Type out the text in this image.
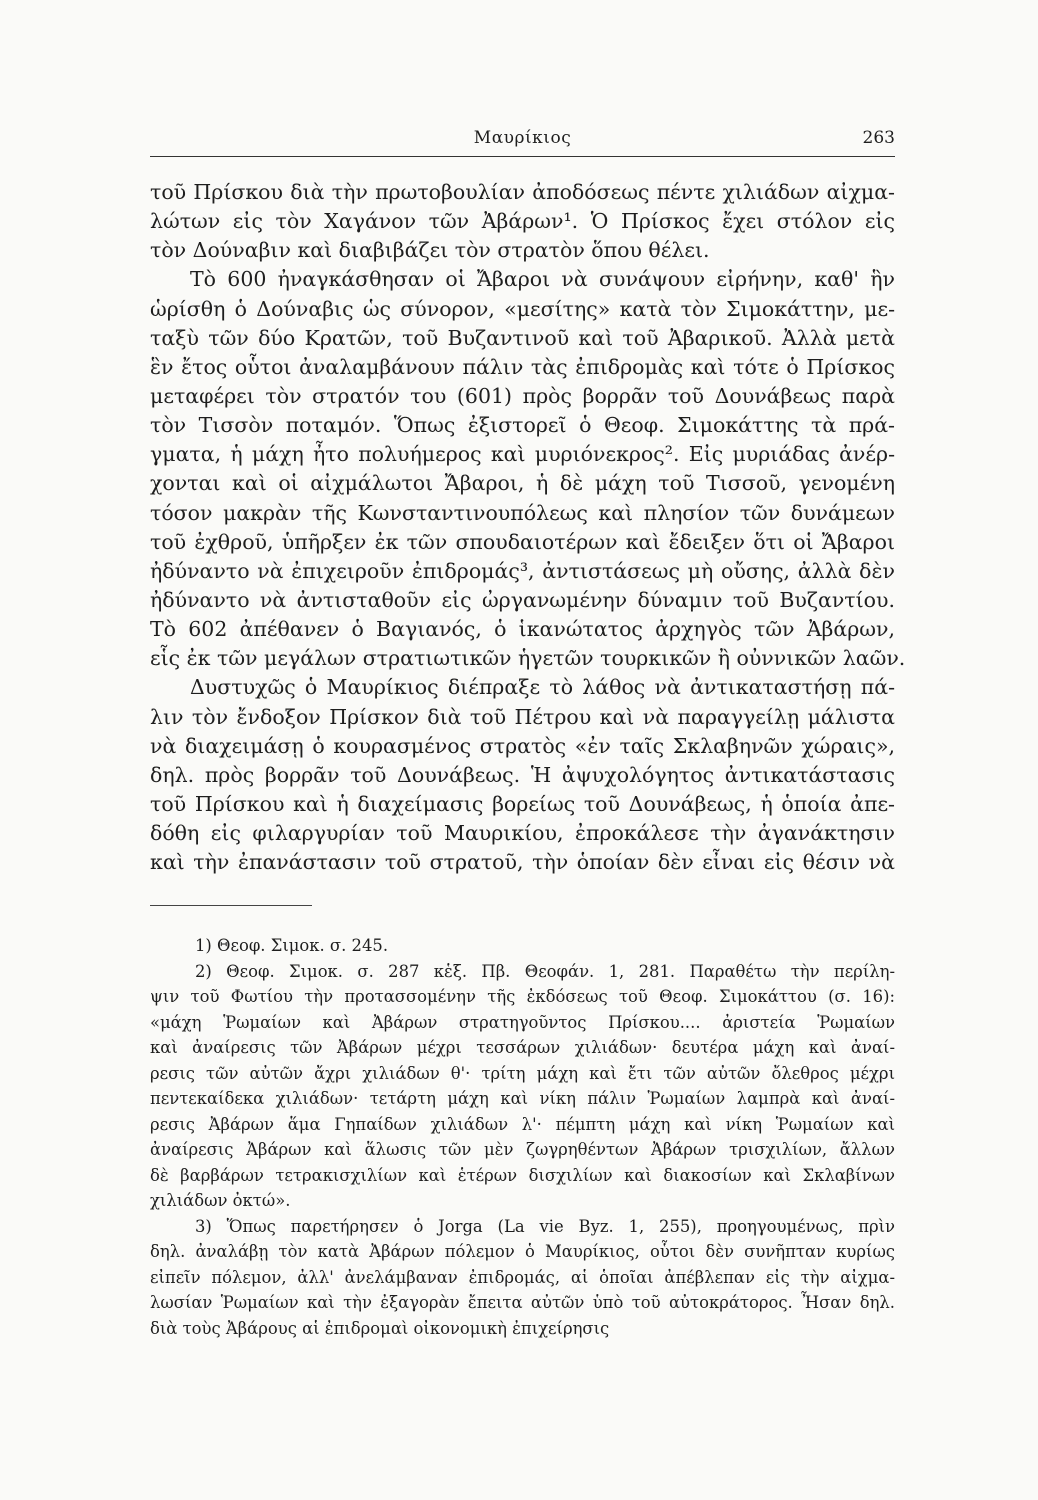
Μαυρίκιος	263
τοῦ Πρίσκου διὰ τὴν πρωτοβουλίαν ἀποδόσεως πέντε χιλιάδων αἰχμα-
λώτων εἰς τὸν Χαγάνον τῶν Ἀβάρων¹. Ὁ Πρίσκος ἔχει στόλον εἰς
τὸν Δούναβιν καὶ διαβιβάζει τὸν στρατὸν ὅπου θέλει.
Τὸ 600 ἠναγκάσθησαν οἱ Ἄβαροι νὰ συνάψουν εἰρήνην, καθ' ἣν
ὡρίσθη ὁ Δούναβις ὡς σύνορον, «μεσίτης» κατὰ τὸν Σιμοκάττην, με-
ταξὺ τῶν δύο Κρατῶν, τοῦ Βυζαντινοῦ καὶ τοῦ Ἀβαρικοῦ. Ἀλλὰ μετὰ
ἓν ἔτος οὗτοι ἀναλαμβάνουν πάλιν τὰς ἐπιδρομὰς καὶ τότε ὁ Πρίσκος
μεταφέρει τὸν στρατόν του (601) πρὸς βορρᾶν τοῦ Δουνάβεως παρὰ
τὸν Τισσὸν ποταμόν. Ὅπως ἐξιστορεῖ ὁ Θεοφ. Σιμοκάττης τὰ πρά-
γματα, ἡ μάχη ἦτο πολυήμερος καὶ μυριόνεκρος². Εἰς μυριάδας ἀνέρ-
χονται καὶ οἱ αἰχμάλωτοι Ἄβαροι, ἡ δὲ μάχη τοῦ Τισσοῦ, γενομένη
τόσον μακρὰν τῆς Κωνσταντινουπόλεως καὶ πλησίον τῶν δυνάμεων
τοῦ ἐχθροῦ, ὑπῆρξεν ἐκ τῶν σπουδαιοτέρων καὶ ἔδειξεν ὅτι οἱ Ἄβαροι
ἠδύναντο νὰ ἐπιχειροῦν ἐπιδρομάς³, ἀντιστάσεως μὴ οὔσης, ἀλλὰ δὲν
ἠδύναντο νὰ ἀντισταθοῦν εἰς ὠργανωμένην δύναμιν τοῦ Βυζαντίου.
Τὸ 602 ἀπέθανεν ὁ Βαγιανός, ὁ ἱκανώτατος ἀρχηγὸς τῶν Ἀβάρων,
εἷς ἐκ τῶν μεγάλων στρατιωτικῶν ἡγετῶν τουρκικῶν ἢ οὐννικῶν λαῶν.
Δυστυχῶς ὁ Μαυρίκιος διέπραξε τὸ λάθος νὰ ἀντικαταστήσῃ πά-
λιν τὸν ἔνδοξον Πρίσκον διὰ τοῦ Πέτρου καὶ νὰ παραγγείλῃ μάλιστα
νὰ διαχειμάσῃ ὁ κουρασμένος στρατὸς «ἐν ταῖς Σκλαβηνῶν χώραις»,
δηλ. πρὸς βορρᾶν τοῦ Δουνάβεως. Ἡ ἀψυχολόγητος ἀντικατάστασις
τοῦ Πρίσκου καὶ ἡ διαχείμασις βορείως τοῦ Δουνάβεως, ἡ ὁποία ἀπε-
δόθη εἰς φιλαργυρίαν τοῦ Μαυρικίου, ἐπροκάλεσε τὴν ἀγανάκτησιν
καὶ τὴν ἐπανάστασιν τοῦ στρατοῦ, τὴν ὁποίαν δὲν εἶναι εἰς θέσιν νὰ
1) Θεοφ. Σιμοκ. σ. 245.
2) Θεοφ. Σιμοκ. σ. 287 κἑξ. Πβ. Θεοφάν. 1, 281. Παραθέτω τὴν περίλη-
ψιν τοῦ Φωτίου τὴν προτασσομένην τῆς ἐκδόσεως τοῦ Θεοφ. Σιμοκάττου (σ. 16):
«μάχη Ῥωμαίων καὶ Ἀβάρων στρατηγοῦντος Πρίσκου.... ἀριστεία Ῥωμαίων
καὶ ἀναίρεσις τῶν Ἀβάρων μέχρι τεσσάρων χιλιάδων· δευτέρα μάχη καὶ ἀναί-
ρεσις τῶν αὐτῶν ἄχρι χιλιάδων θ'· τρίτη μάχη καὶ ἔτι τῶν αὐτῶν ὄλεθρος μέχρι
πεντεκαίδεκα χιλιάδων· τετάρτη μάχη καὶ νίκη πάλιν Ῥωμαίων λαμπρὰ καὶ ἀναί-
ρεσις Ἀβάρων ἅμα Γηπαίδων χιλιάδων λ'· πέμπτη μάχη καὶ νίκη Ῥωμαίων καὶ
ἀναίρεσις Ἀβάρων καὶ ἅλωσις τῶν μὲν ζωγρηθέντων Ἀβάρων τρισχιλίων, ἄλλων
δὲ βαρβάρων τετρακισχιλίων καὶ ἑτέρων δισχιλίων καὶ διακοσίων καὶ Σκλαβίνων
χιλιάδων ὀκτώ».
3) Ὅπως παρετήρησεν ὁ Jorga (La vie Byz. 1, 255), προηγουμένως, πρὶν
δηλ. ἀναλάβῃ τὸν κατὰ Ἀβάρων πόλεμον ὁ Μαυρίκιος, οὗτοι δὲν συνῆπταν κυρίως
εἰπεῖν πόλεμον, ἀλλ' ἀνελάμβαναν ἐπιδρομάς, αἱ ὁποῖαι ἀπέβλεπαν εἰς τὴν αἰχμα-
λωσίαν Ῥωμαίων καὶ τὴν ἐξαγορὰν ἔπειτα αὐτῶν ὑπὸ τοῦ αὐτοκράτορος. Ἦσαν δηλ.
διὰ τοὺς Ἀβάρους αἱ ἐπιδρομαὶ οἰκονομικὴ ἐπιχείρησις
